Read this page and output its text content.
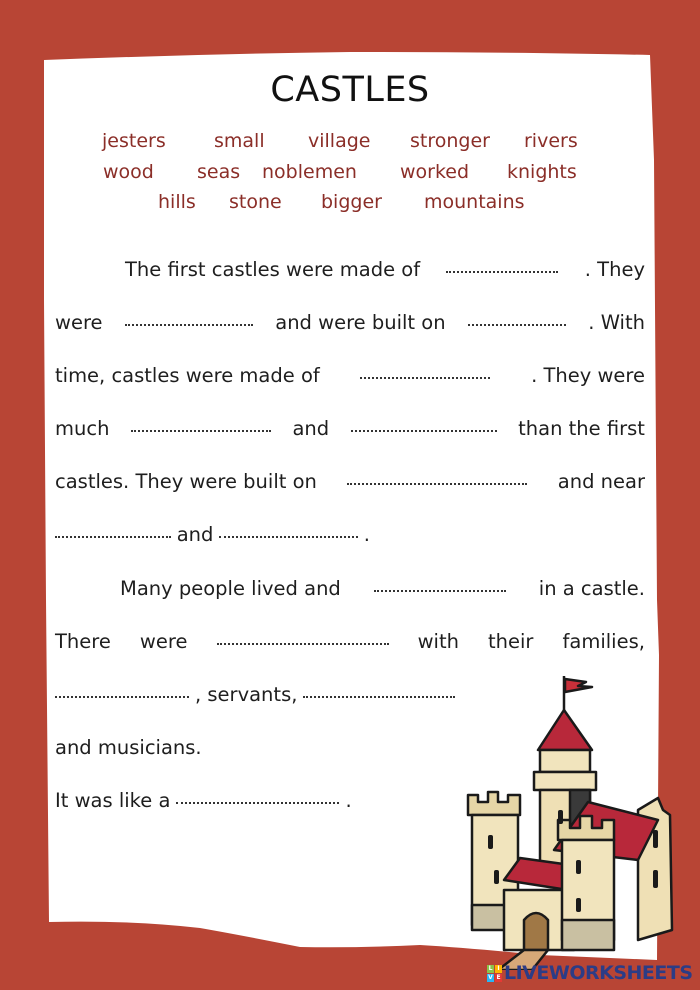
CASTLES
jesters	small village stronger rivers
wood seas noblemen worked knights
hills stone bigger mountains
The first castles were made of	. They
were	and were built on	. With
time, castles were made of	. They were
much	and	than the first
castles. They were built on	and near
and	.
Many people lived and	in a castle.
There were	with their families,
, servants,
and musicians.
It was like a	.
L I
V E LIVEWORKSHEETS
